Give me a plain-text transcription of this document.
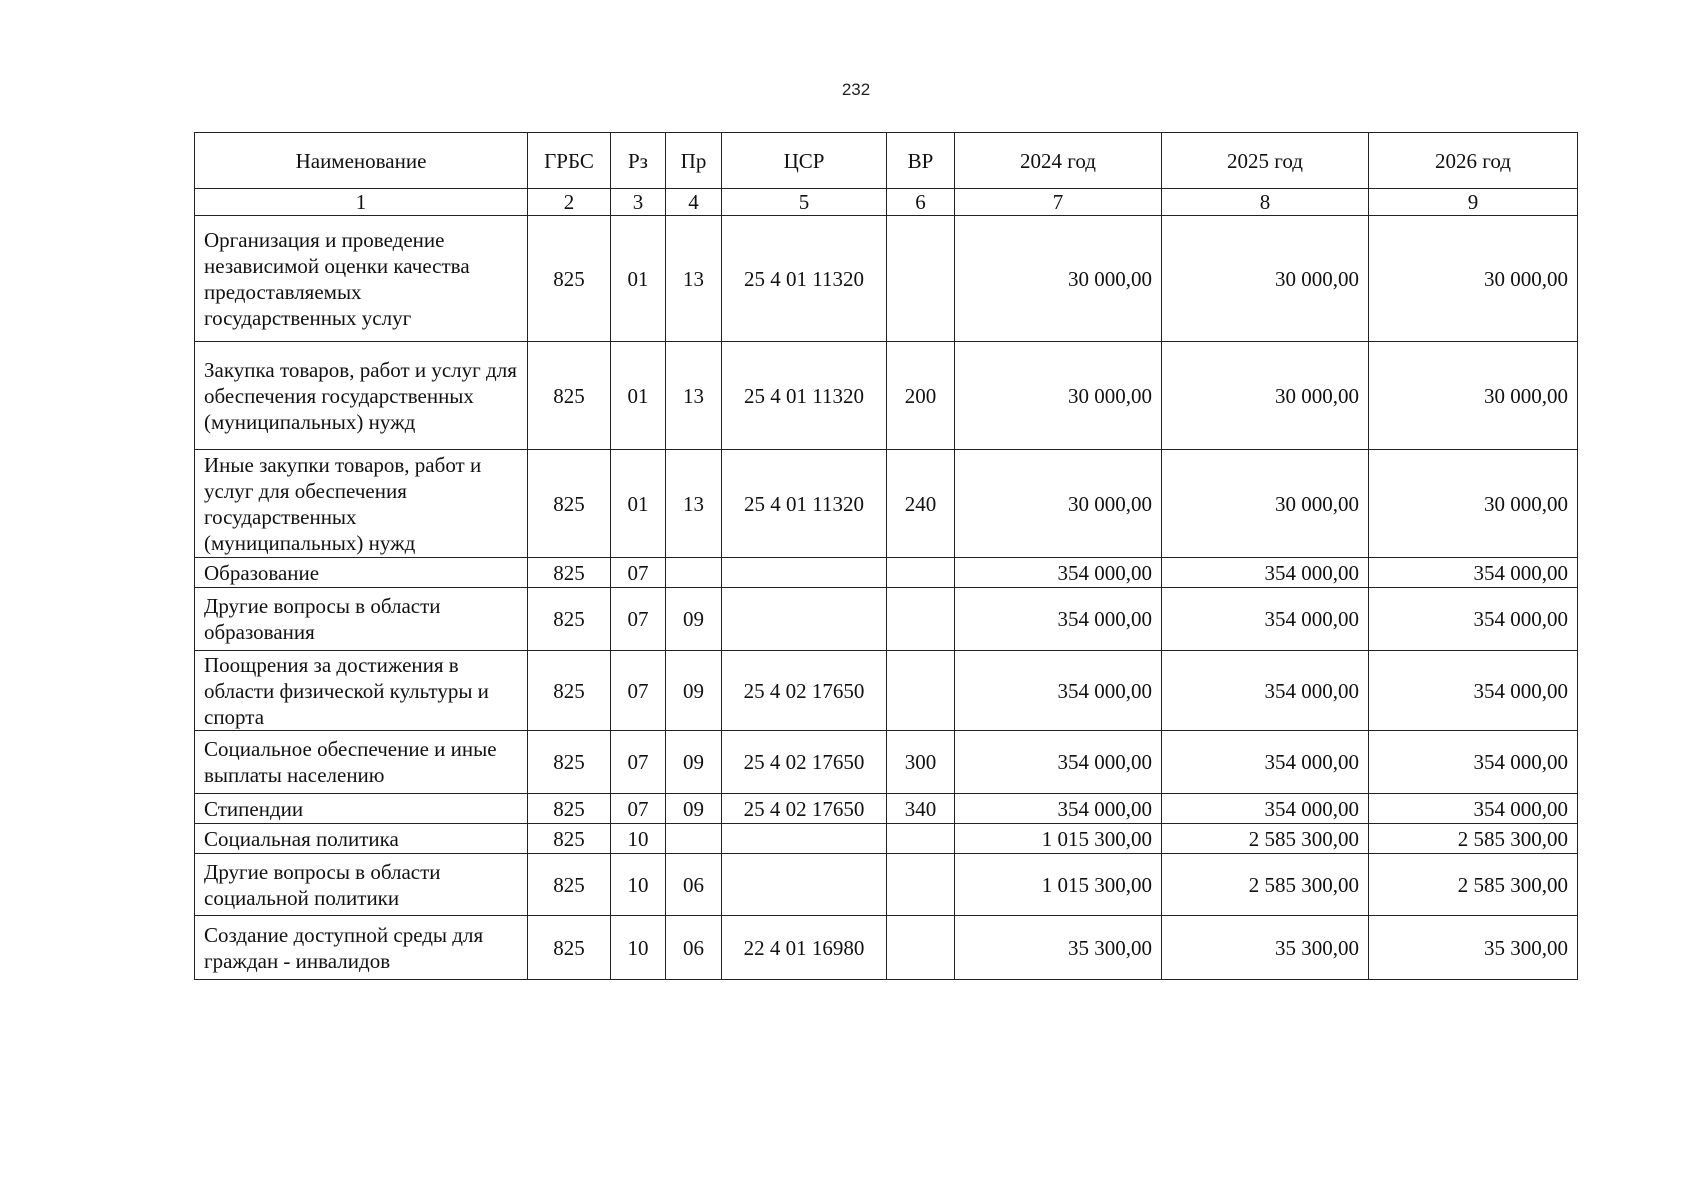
232
Наименование	ГРБС	Рз	Пр	ЦСР	ВР	2024 год	2025 год	2026 год
1	2	3	4	5	6	7	8	9
Организация и проведение независимой оценки качества предоставляемых государственных услуг	825	01	13	25 4 01 11320		30 000,00	30 000,00	30 000,00
Закупка товаров, работ и услуг для обеспечения государственных (муниципальных) нужд	825	01	13	25 4 01 11320	200	30 000,00	30 000,00	30 000,00
Иные закупки товаров, работ и услуг для обеспечения государственных (муниципальных) нужд	825	01	13	25 4 01 11320	240	30 000,00	30 000,00	30 000,00
Образование	825	07				354 000,00	354 000,00	354 000,00
Другие вопросы в области образования	825	07	09			354 000,00	354 000,00	354 000,00
Поощрения за достижения в области физической культуры и спорта	825	07	09	25 4 02 17650		354 000,00	354 000,00	354 000,00
Социальное обеспечение и иные выплаты населению	825	07	09	25 4 02 17650	300	354 000,00	354 000,00	354 000,00
Стипендии	825	07	09	25 4 02 17650	340	354 000,00	354 000,00	354 000,00
Социальная политика	825	10				1 015 300,00	2 585 300,00	2 585 300,00
Другие вопросы в области социальной политики	825	10	06			1 015 300,00	2 585 300,00	2 585 300,00
Создание доступной среды для граждан - инвалидов	825	10	06	22 4 01 16980		35 300,00	35 300,00	35 300,00
